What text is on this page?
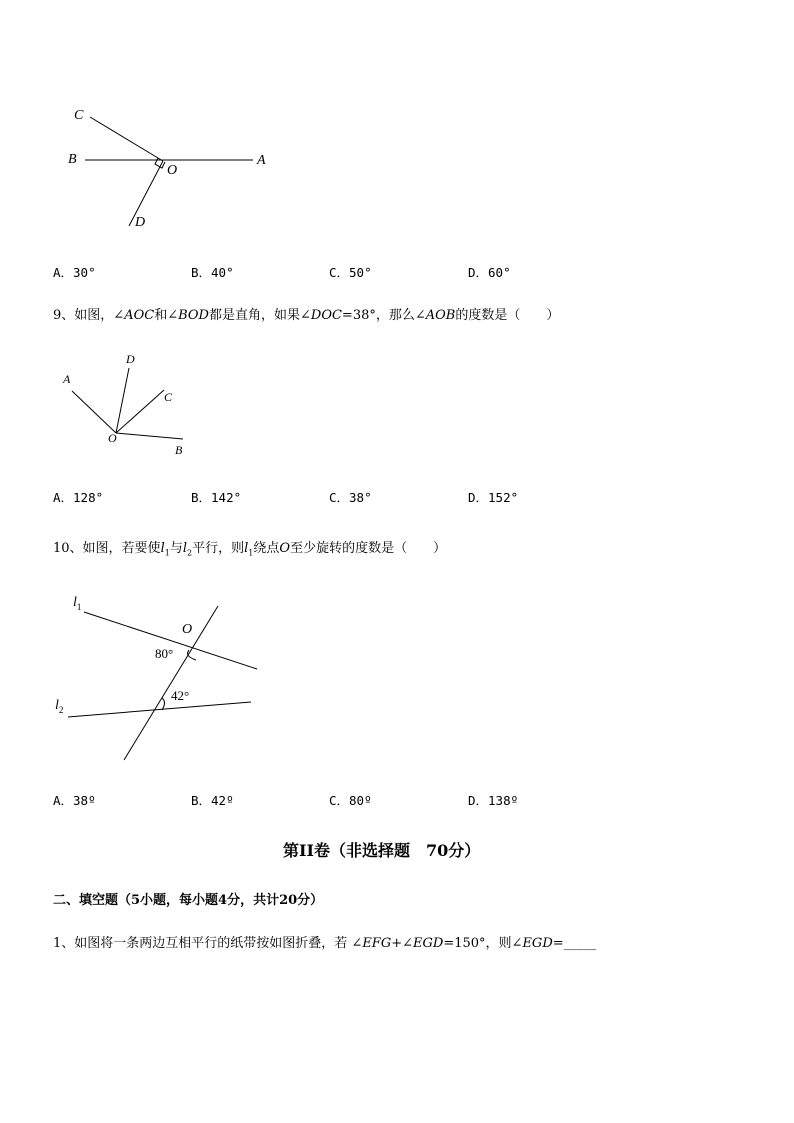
C
B
O
A
D
A．30°	B．40°	C．50°	D．60°
9、如图，∠AOC和∠BOD都是直角，如果∠DOC=38°，那么∠AOB的度数是（　　）
A
D
C
O
B
A．128°	B．142°	C．38°	D．152°
10、如图，若要使$l_1$与$l_2$平行，则$l_1$绕点O至少旋转的度数是（　　）
$l_1$
O
80°
42°
$l_2$
A．38º	B．42º	C．80º	D．138º
第II卷（非选择题　70分）
二、填空题（5小题，每小题4分，共计20分）
1、如图将一条两边互相平行的纸带按如图折叠，若 ∠EFG+∠EGD=150°，则∠EGD=_____
